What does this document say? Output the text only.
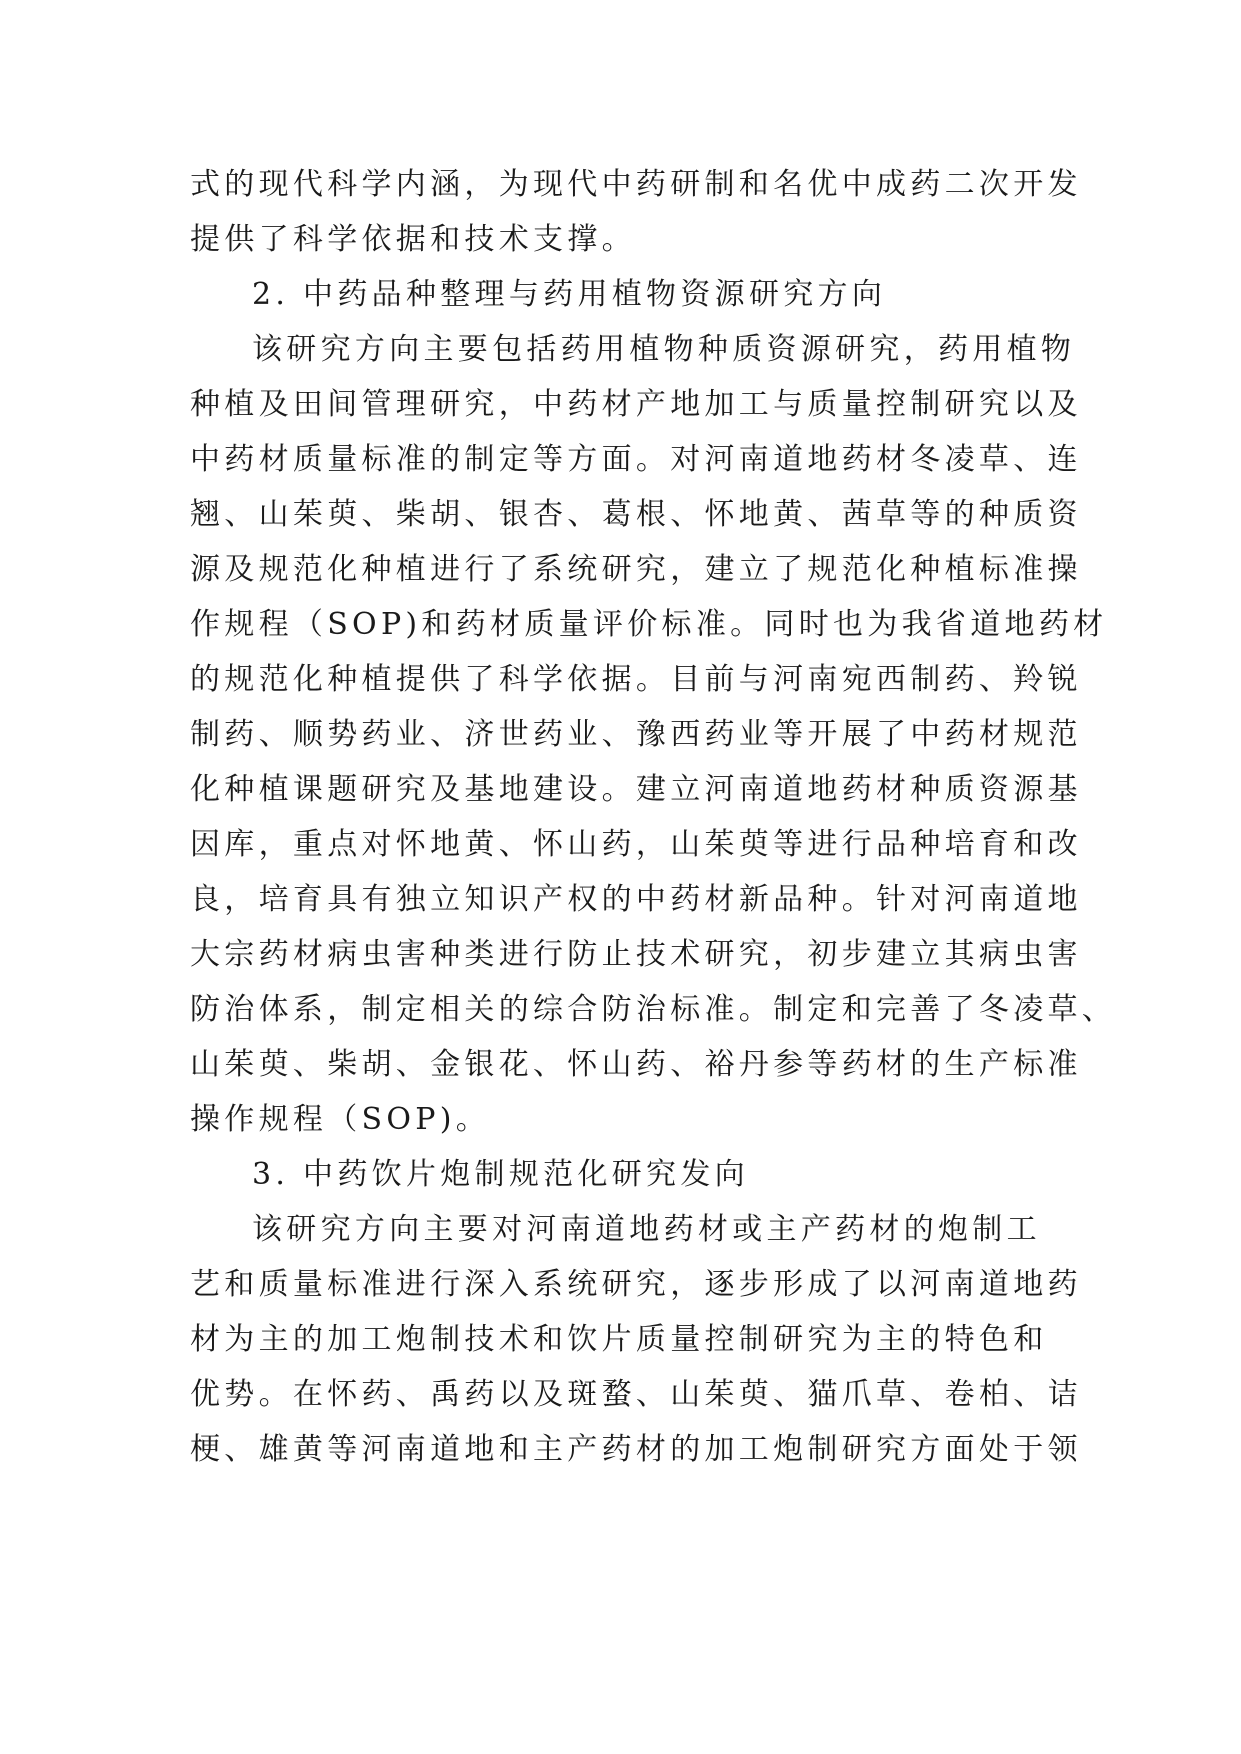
式的现代科学内涵，为现代中药研制和名优中成药二次开发
提供了科学依据和技术支撑。
2. 中药品种整理与药用植物资源研究方向
该研究方向主要包括药用植物种质资源研究，药用植物
种植及田间管理研究，中药材产地加工与质量控制研究以及
中药材质量标准的制定等方面。对河南道地药材冬凌草、连
翘、山茱萸、柴胡、银杏、葛根、怀地黄、茜草等的种质资
源及规范化种植进行了系统研究，建立了规范化种植标准操
作规程（SOP)和药材质量评价标准。同时也为我省道地药材
的规范化种植提供了科学依据。目前与河南宛西制药、羚锐
制药、顺势药业、济世药业、豫西药业等开展了中药材规范
化种植课题研究及基地建设。建立河南道地药材种质资源基
因库，重点对怀地黄、怀山药，山茱萸等进行品种培育和改
良，培育具有独立知识产权的中药材新品种。针对河南道地
大宗药材病虫害种类进行防止技术研究，初步建立其病虫害
防治体系，制定相关的综合防治标准。制定和完善了冬凌草、
山茱萸、柴胡、金银花、怀山药、裕丹参等药材的生产标准
操作规程（SOP)。
3. 中药饮片炮制规范化研究发向
该研究方向主要对河南道地药材或主产药材的炮制工
艺和质量标准进行深入系统研究，逐步形成了以河南道地药
材为主的加工炮制技术和饮片质量控制研究为主的特色和
优势。在怀药、禹药以及斑蝥、山茱萸、猫爪草、卷柏、诘
梗、雄黄等河南道地和主产药材的加工炮制研究方面处于领
